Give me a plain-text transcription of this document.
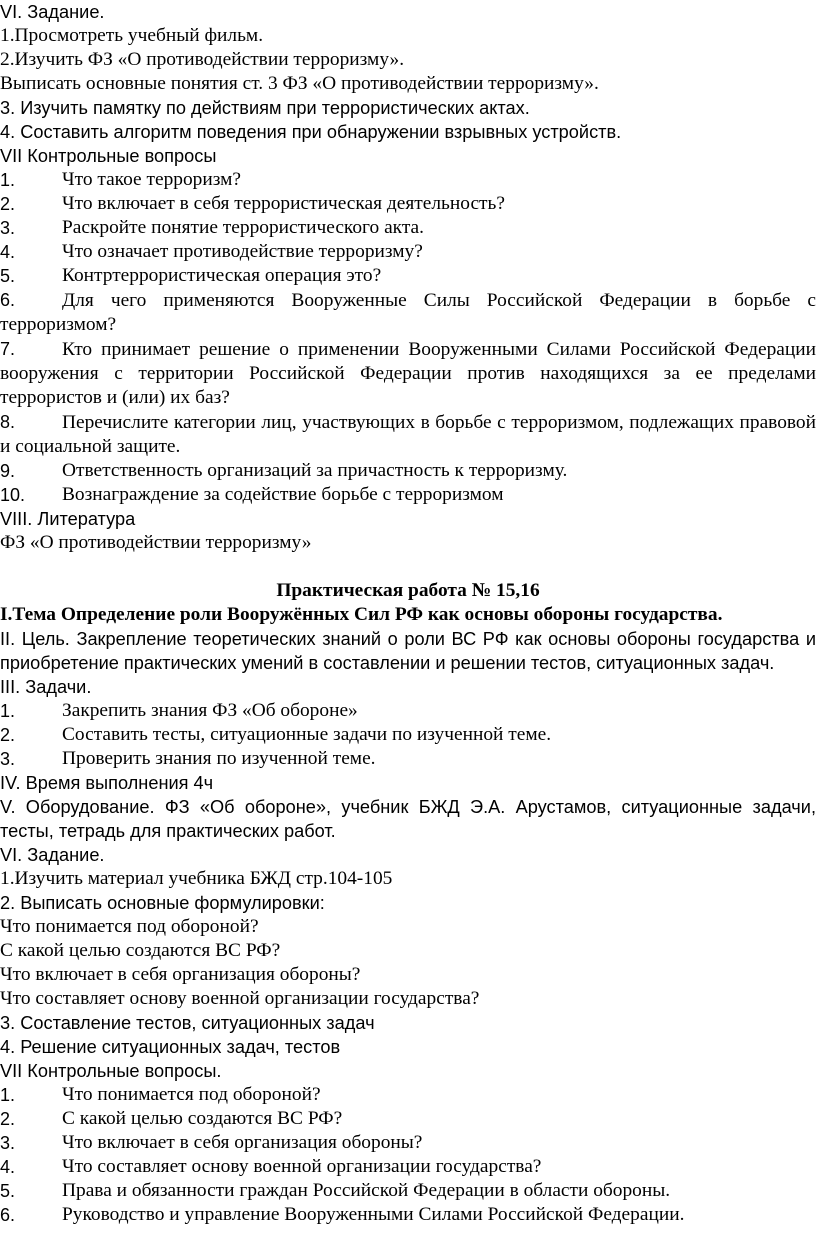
VI. Задание.
1.Просмотреть учебный фильм.
2.Изучить ФЗ «О противодействии терроризму».
Выписать основные понятия ст. 3 ФЗ «О противодействии терроризму».
3. Изучить памятку по действиям при террористических актах.
4. Составить алгоритм поведения при обнаружении взрывных устройств.
VII Контрольные вопросы
1.	Что такое терроризм?
2.	Что включает в себя террористическая деятельность?
3.	Раскройте понятие террористического акта.
4.	Что означает противодействие терроризму?
5.	Контртеррористическая операция это?
6. Для чего применяются Вооруженные Силы Российской Федерации в борьбе с терроризмом?
7. Кто принимает решение о применении Вооруженными Силами Российской Федерации вооружения с территории Российской Федерации против находящихся за ее пределами террористов и (или) их баз?
8. Перечислите категории лиц, участвующих в борьбе с терроризмом, подлежащих правовой и социальной защите.
9.	Ответственность организаций за причастность к терроризму.
10.	Вознаграждение за содействие борьбе с терроризмом
VIII. Литература
ФЗ «О противодействии терроризму»
Практическая работа № 15,16
I.Тема Определение роли Вооружённых Сил РФ как основы обороны государства.
II. Цель. Закрепление теоретических знаний о роли ВС РФ как основы обороны государства и приобретение практических умений в составлении и решении тестов, ситуационных задач.
III. Задачи.
1.	Закрепить знания ФЗ «Об обороне»
2.	Составить тесты, ситуационные задачи по изученной теме.
3.	Проверить знания по изученной теме.
IV. Время выполнения 4ч
V. Оборудование. ФЗ «Об обороне», учебник БЖД Э.А. Арустамов, ситуационные задачи, тесты, тетрадь для практических работ.
VI. Задание.
1.Изучить материал учебника БЖД стр.104-105
2. Выписать основные формулировки:
Что понимается под обороной?
С какой целью создаются ВС РФ?
Что включает в себя организация обороны?
Что составляет основу военной организации государства?
3. Составление тестов, ситуационных задач
4. Решение ситуационных задач, тестов
VII Контрольные вопросы.
1.	Что понимается под обороной?
2.	С какой целью создаются ВС РФ?
3.	Что включает в себя организация обороны?
4.	Что составляет основу военной организации государства?
5.	Права и обязанности граждан Российской Федерации в области обороны.
6.	Руководство и управление Вооруженными Силами Российской Федерации.
